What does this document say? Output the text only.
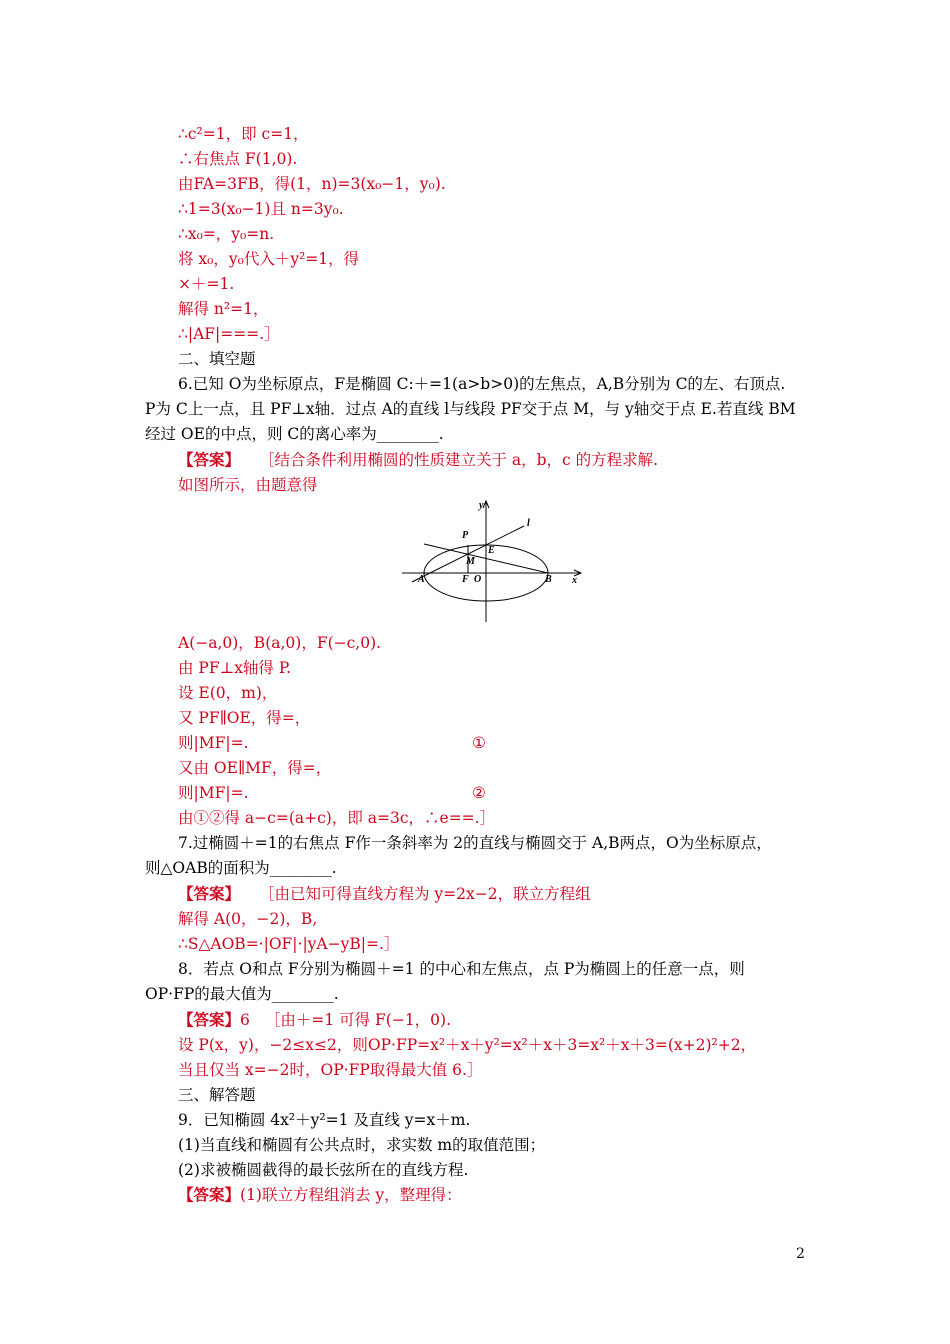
∴c²=1，即 c=1，
∴右焦点 F(1,0).
由FA=3FB，得(1，n)=3(x₀−1，y₀).
∴1=3(x₀−1)且 n=3y₀.
∴x₀=，y₀=n.
将 x₀，y₀代入＋y²=1，得
×＋=1.
解得 n²=1，
∴|AF|===.］
二、填空题
6.已知 O为坐标原点，F是椭圆 C:＋=1(a>b>0)的左焦点，A,B分别为 C的左、右顶点.
P为 C上一点，且 PF⊥x轴．过点 A的直线 l与线段 PF交于点 M，与 y轴交于点 E.若直线 BM
经过 OE的中点，则 C的离心率为________.
【答案】 ［结合条件利用椭圆的性质建立关于 a，b，c 的方程求解.
如图所示，由题意得
y
l
P
E
M
A	F O	B x
A(−a,0)，B(a,0)，F(−c,0).
由 PF⊥x轴得 P.
设 E(0，m)，
又 PF∥OE，得=，
则|MF|=.	①
又由 OE∥MF，得=，
则|MF|=.	②
由①②得 a−c=(a+c)，即 a=3c，∴e==.］
7.过椭圆＋=1的右焦点 F作一条斜率为 2的直线与椭圆交于 A,B两点，O为坐标原点，
则△OAB的面积为________.
【答案】 ［由已知可得直线方程为 y=2x−2，联立方程组
解得 A(0，−2)，B,
∴S△AOB=·|OF|·|yA−yB|=.］
8．若点 O和点 F分别为椭圆＋=1 的中心和左焦点，点 P为椭圆上的任意一点，则
OP·FP的最大值为________.
【答案】6 ［由＋=1 可得 F(−1，0).
设 P(x，y)，−2≤x≤2，则OP·FP=x²＋x＋y²=x²＋x＋3=x²＋x＋3=(x+2)²+2，
当且仅当 x=−2时，OP·FP取得最大值 6.］
三、解答题
9．已知椭圆 4x²＋y²=1 及直线 y=x＋m.
(1)当直线和椭圆有公共点时，求实数 m的取值范围；
(2)求被椭圆截得的最长弦所在的直线方程.
【答案】(1)联立方程组消去 y，整理得：
2
